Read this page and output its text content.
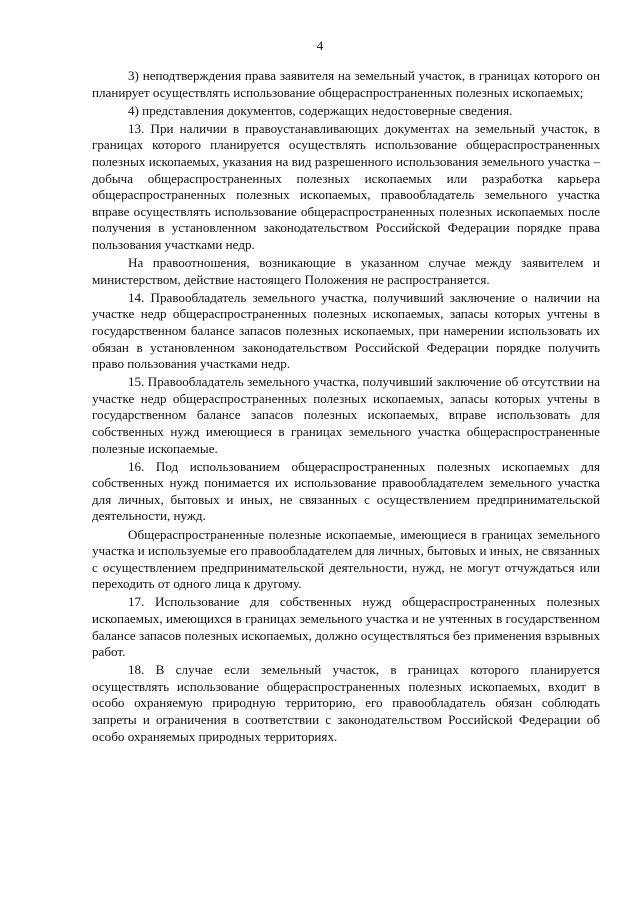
4

3) неподтверждения права заявителя на земельный участок, в границах которого он планирует осуществлять использование общераспространенных полезных ископаемых;

4) представления документов, содержащих недостоверные сведения.

13. При наличии в правоустанавливающих документах на земельный участок, в границах которого планируется осуществлять использование общераспространенных полезных ископаемых, указания на вид разрешенного использования земельного участка – добыча общераспространенных полезных ископаемых или разработка карьера общераспространенных полезных ископаемых, правообладатель земельного участка вправе осуществлять использование общераспространенных полезных ископаемых после получения в установленном законодательством Российской Федерации порядке права пользования участками недр.

На правоотношения, возникающие в указанном случае между заявителем и министерством, действие настоящего Положения не распространяется.

14. Правообладатель земельного участка, получивший заключение о наличии на участке недр общераспространенных полезных ископаемых, запасы которых учтены в государственном балансе запасов полезных ископаемых, при намерении использовать их обязан в установленном законодательством Российской Федерации порядке получить право пользования участками недр.

15. Правообладатель земельного участка, получивший заключение об отсутствии на участке недр общераспространенных полезных ископаемых, запасы которых учтены в государственном балансе запасов полезных ископаемых, вправе использовать для собственных нужд имеющиеся в границах земельного участка общераспространенные полезные ископаемые.

16. Под использованием общераспространенных полезных ископаемых для собственных нужд понимается их использование правообладателем земельного участка для личных, бытовых и иных, не связанных с осуществлением предпринимательской деятельности, нужд.

Общераспространенные полезные ископаемые, имеющиеся в границах земельного участка и используемые его правообладателем для личных, бытовых и иных, не связанных с осуществлением предпринимательской деятельности, нужд, не могут отчуждаться или переходить от одного лица к другому.

17. Использование для собственных нужд общераспространенных полезных ископаемых, имеющихся в границах земельного участка и не учтенных в государственном балансе запасов полезных ископаемых, должно осуществляться без применения взрывных работ.

18. В случае если земельный участок, в границах которого планируется осуществлять использование общераспространенных полезных ископаемых, входит в особо охраняемую природную территорию, его правообладатель обязан соблюдать запреты и ограничения в соответствии с законодательством Российской Федерации об особо охраняемых природных территориях.
